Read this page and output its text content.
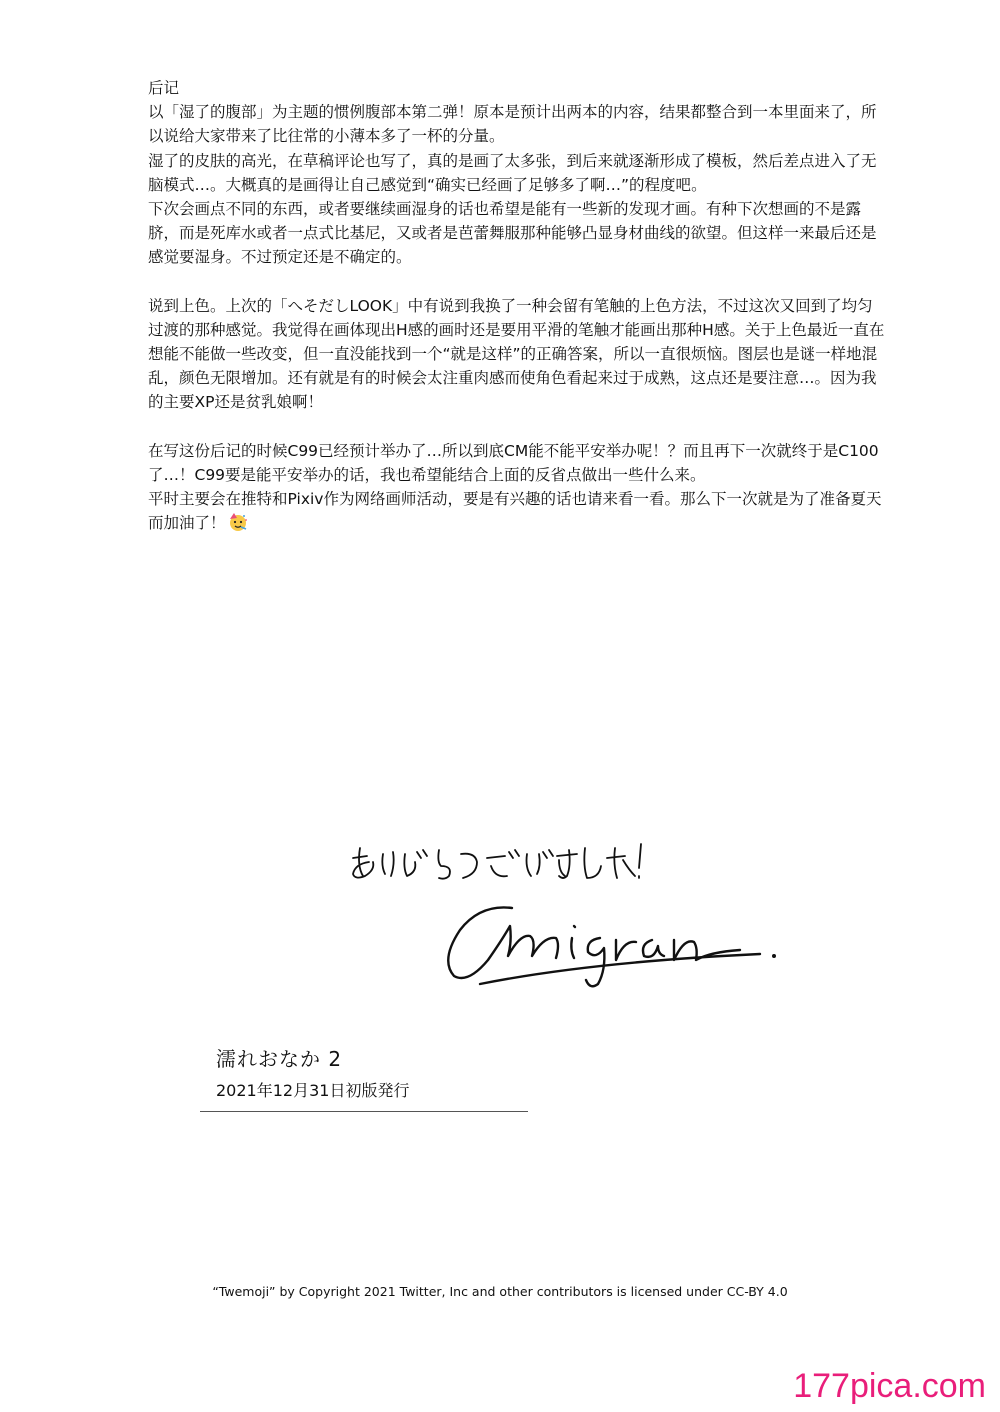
后记

以「湿了的腹部」为主题的惯例腹部本第二弹！原本是预计出两本的内容，结果都整合到一本里面来了，所以说给大家带来了比往常的小薄本多了一杯的分量。

湿了的皮肤的高光，在草稿评论也写了，真的是画了太多张，到后来就逐渐形成了模板，然后差点进入了无脑模式…。大概真的是画得让自己感觉到“确实已经画了足够多了啊…”的程度吧。

下次会画点不同的东西，或者要继续画湿身的话也希望是能有一些新的发现才画。有种下次想画的不是露脐，而是死库水或者一点式比基尼，又或者是芭蕾舞服那种能够凸显身材曲线的欲望。但这样一来最后还是感觉要湿身。不过预定还是不确定的。

说到上色。上次的「へそだしLOOK」中有说到我换了一种会留有笔触的上色方法，不过这次又回到了均匀过渡的那种感觉。我觉得在画体现出H感的画时还是要用平滑的笔触才能画出那种H感。关于上色最近一直在想能不能做一些改变，但一直没能找到一个“就是这样”的正确答案，所以一直很烦恼。图层也是谜一样地混乱，颜色无限增加。还有就是有的时候会太注重肉感而使角色看起来过于成熟，这点还是要注意…。因为我的主要XP还是贫乳娘啊！

在写这份后记的时候C99已经预计举办了…所以到底CM能不能平安举办呢！？而且再下一次就终于是C100了…！C99要是能平安举办的话，我也希望能结合上面的反省点做出一些什么来。

平时主要会在推特和Pixiv作为网络画师活动，要是有兴趣的话也请来看一看。那么下一次就是为了准备夏天而加油了！

濡れおなか 2
2021年12月31日初版発行
“Twemoji” by Copyright 2021 Twitter, Inc and other contributors is licensed under CC-BY 4.0
177pica.com
